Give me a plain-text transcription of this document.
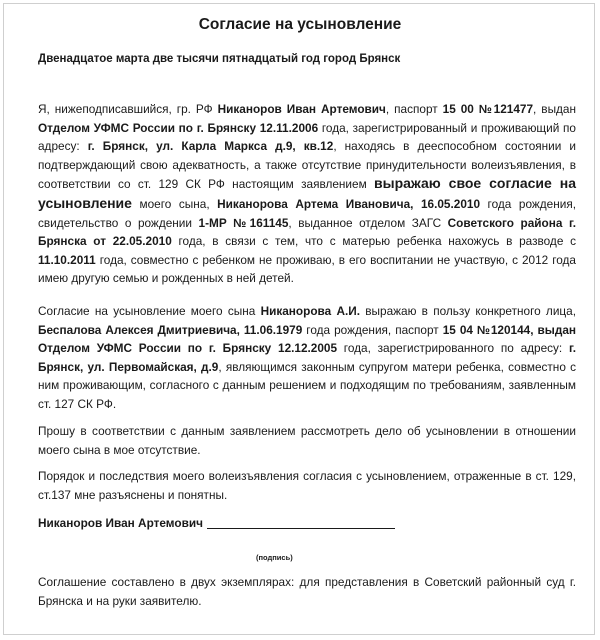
Согласие на усыновление
Двенадцатое марта две тысячи пятнадцатый год город Брянск

Я, нижеподписавшийся, гр. РФ Никаноров Иван Артемович, паспорт 15 00 №121477, выдан Отделом УФМС России по г. Брянску 12.11.2006 года, зарегистрированный и проживающий по адресу: г. Брянск, ул. Карла Маркса д.9, кв.12, находясь в дееспособном состоянии и подтверждающий свою адекватность, а также отсутствие принудительности волеизъявления, в соответствии со ст. 129 СК РФ настоящим заявлением выражаю свое согласие на усыновление моего сына, Никанорова Артема Ивановича, 16.05.2010 года рождения, свидетельство о рождении 1-МР №161145, выданное отделом ЗАГС Советского района г. Брянска от 22.05.2010 года, в связи с тем, что с матерью ребенка нахожусь в разводе с 11.10.2011 года, совместно с ребенком не проживаю, в его воспитании не участвую, с 2012 года имею другую семью и рожденных в ней детей.

Согласие на усыновление моего сына Никанорова А.И. выражаю в пользу конкретного лица, Беспалова Алексея Дмитриевича, 11.06.1979 года рождения, паспорт 15 04 №120144, выдан Отделом УФМС России по г. Брянску 12.12.2005 года, зарегистрированного по адресу: г. Брянск, ул. Первомайская, д.9, являющимся законным супругом матери ребенка, совместно с ним проживающим, согласного с данным решением и подходящим по требованиям, заявленным ст. 127 СК РФ.

Прошу в соответствии с данным заявлением рассмотреть дело об усыновлении в отношении моего сына в мое отсутствие.

Порядок и последствия моего волеизъявления согласия с усыновлением, отраженные в ст. 129, ст.137 мне разъяснены и понятны.

Никаноров Иван Артемович
(подпись)

Соглашение составлено в двух экземплярах: для представления в Советский районный суд г. Брянска и на руки заявителю.
